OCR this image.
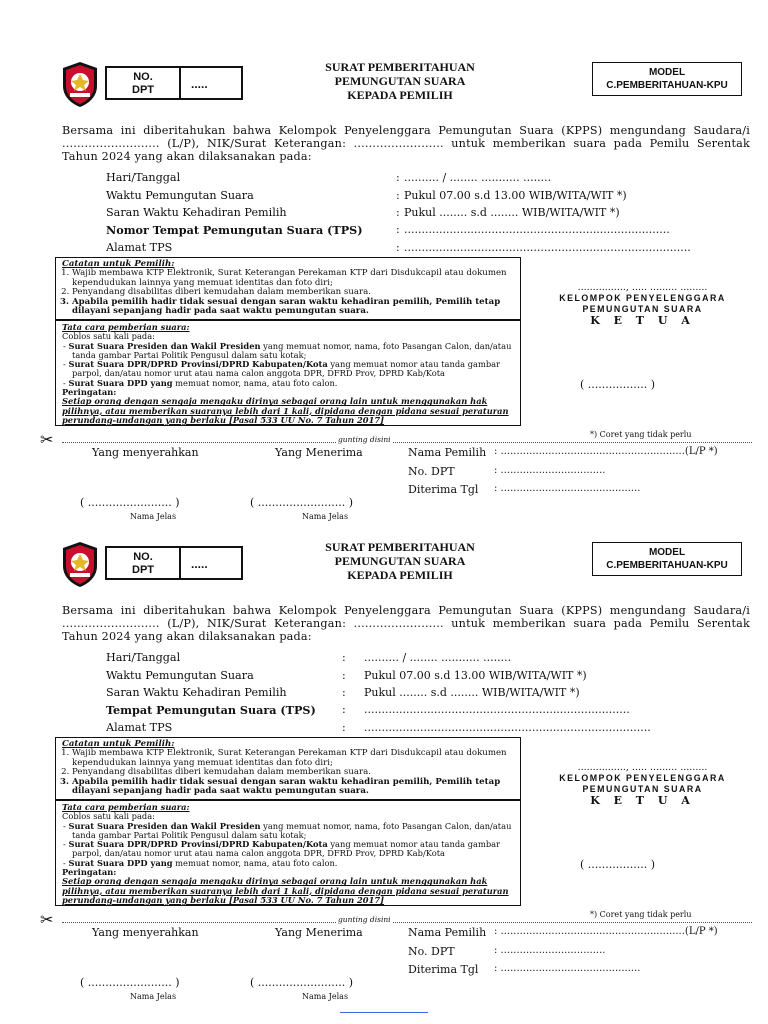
NO.
DPT	.....
SURAT PEMBERITAHUAN
PEMUNGUTAN SUARA
KEPADA PEMILIH
MODEL
C.PEMBERITAHUAN-KPU
Bersama ini diberitahukan bahwa Kelompok Penyelenggara Pemungutan Suara (KPPS) mengundang Saudara/i .......................... (L/P), NIK/Surat Keterangan: ........................ untuk memberikan suara pada Pemilu Serentak Tahun 2024 yang akan dilaksanakan pada:
Hari/Tanggal	: .......... / ........ ........... ........
Waktu Pemungutan Suara	: Pukul 07.00 s.d 13.00 WIB/WITA/WIT *)
Saran Waktu Kehadiran Pemilih	: Pukul ........ s.d ........ WIB/WITA/WIT *)
Nomor Tempat Pemungutan Suara (TPS)	: ............................................................................
Alamat TPS	: ..................................................................................
Catatan untuk Pemilih:
1. Wajib membawa KTP Elektronik, Surat Keterangan Perekaman KTP dari Disdukcapil atau dokumen kependudukan lainnya yang memuat identitas dan foto diri;
2. Penyandang disabilitas diberi kemudahan dalam memberikan suara.
3. Apabila pemilih hadir tidak sesuai dengan saran waktu kehadiran pemilih, Pemilih tetap dilayani sepanjang hadir pada saat waktu pemungutan suara.
Tata cara pemberian suara:
Coblos satu kali pada:
- Surat Suara Presiden dan Wakil Presiden yang memuat nomor, nama, foto Pasangan Calon, dan/atau tanda gambar Partai Politik Pengusul dalam satu kotak;
- Surat Suara DPR/DPRD Provinsi/DPRD Kabupaten/Kota yang memuat nomor atau tanda gambar parpol, dan/atau nomor urut atau nama calon anggota DPR, DFRD Prov, DPRD Kab/Kota
- Surat Suara DPD yang memuat nomor, nama, atau foto calon.
Peringatan:
Setiap orang dengan sengaja mengaku dirinya sebagai orang lain untuk menggunakan hak pilihnya, atau memberikan suaranya lebih dari 1 kali, dipidana dengan pidana sesuai peraturan perundang-undangan yang berlaku [Pasal 533 UU No. 7 Tahun 2017]
................, ..... ......... .........
KELOMPOK PENYELENGGARA
PEMUNGUTAN SUARA
K E T U A
( ................. )
✂	gunting disini
*) Coret yang tidak perlu
Yang menyerahkan	Yang Menerima	Nama Pemilih : ..........................................................(L/P *)
No. DPT	: .................................
Diterima Tgl : ............................................
( ........................ )	( ......................... )
Nama Jelas	Nama Jelas
NO.
DPT	.....
SURAT PEMBERITAHUAN
PEMUNGUTAN SUARA
KEPADA PEMILIH
MODEL
C.PEMBERITAHUAN-KPU
Bersama ini diberitahukan bahwa Kelompok Penyelenggara Pemungutan Suara (KPPS) mengundang Saudara/i .......................... (L/P), NIK/Surat Keterangan: ........................ untuk memberikan suara pada Pemilu Serentak Tahun 2024 yang akan dilaksanakan pada:
Hari/Tanggal	: .......... / ........ ........... ........
Waktu Pemungutan Suara	: Pukul 07.00 s.d 13.00 WIB/WITA/WIT *)
Saran Waktu Kehadiran Pemilih	: Pukul ........ s.d ........ WIB/WITA/WIT *)
Tempat Pemungutan Suara (TPS) : ............................................................................
Alamat TPS	: ..................................................................................
Catatan untuk Pemilih:
1. Wajib membawa KTP Elektronik, Surat Keterangan Perekaman KTP dari Disdukcapil atau dokumen kependudukan lainnya yang memuat identitas dan foto diri;
2. Penyandang disabilitas diberi kemudahan dalam memberikan suara.
3. Apabila pemilih hadir tidak sesuai dengan saran waktu kehadiran pemilih, Pemilih tetap dilayani sepanjang hadir pada saat waktu pemungutan suara.
Tata cara pemberian suara:
Coblos satu kali pada:
- Surat Suara Presiden dan Wakil Presiden yang memuat nomor, nama, foto Pasangan Calon, dan/atau tanda gambar Partai Politik Pengusul dalam satu kotak;
- Surat Suara DPR/DPRD Provinsi/DPRD Kabupaten/Kota yang memuat nomor atau tanda gambar parpol, dan/atau nomor urut atau nama calon anggota DPR, DFRD Prov, DPRD Kab/Kota
- Surat Suara DPD yang memuat nomor, nama, atau foto calon.
Peringatan:
Setiap orang dengan sengaja mengaku dirinya sebagai orang lain untuk menggunakan hak pilihnya, atau memberikan suaranya lebih dari 1 kali, dipidana dengan pidana sesuai peraturan perundang-undangan yang berlaku [Pasal 533 UU No. 7 Tahun 2017]
................, ..... ......... .........
KELOMPOK PENYELENGGARA
PEMUNGUTAN SUARA
K E T U A
( ................. )
✂	gunting disini
*) Coret yang tidak perlu
Yang menyerahkan	Yang Menerima	Nama Pemilih : ..........................................................(L/P *)
No. DPT	: .................................
Diterima Tgl : ............................................
( ........................ )	( ......................... )
Nama Jelas	Nama Jelas
